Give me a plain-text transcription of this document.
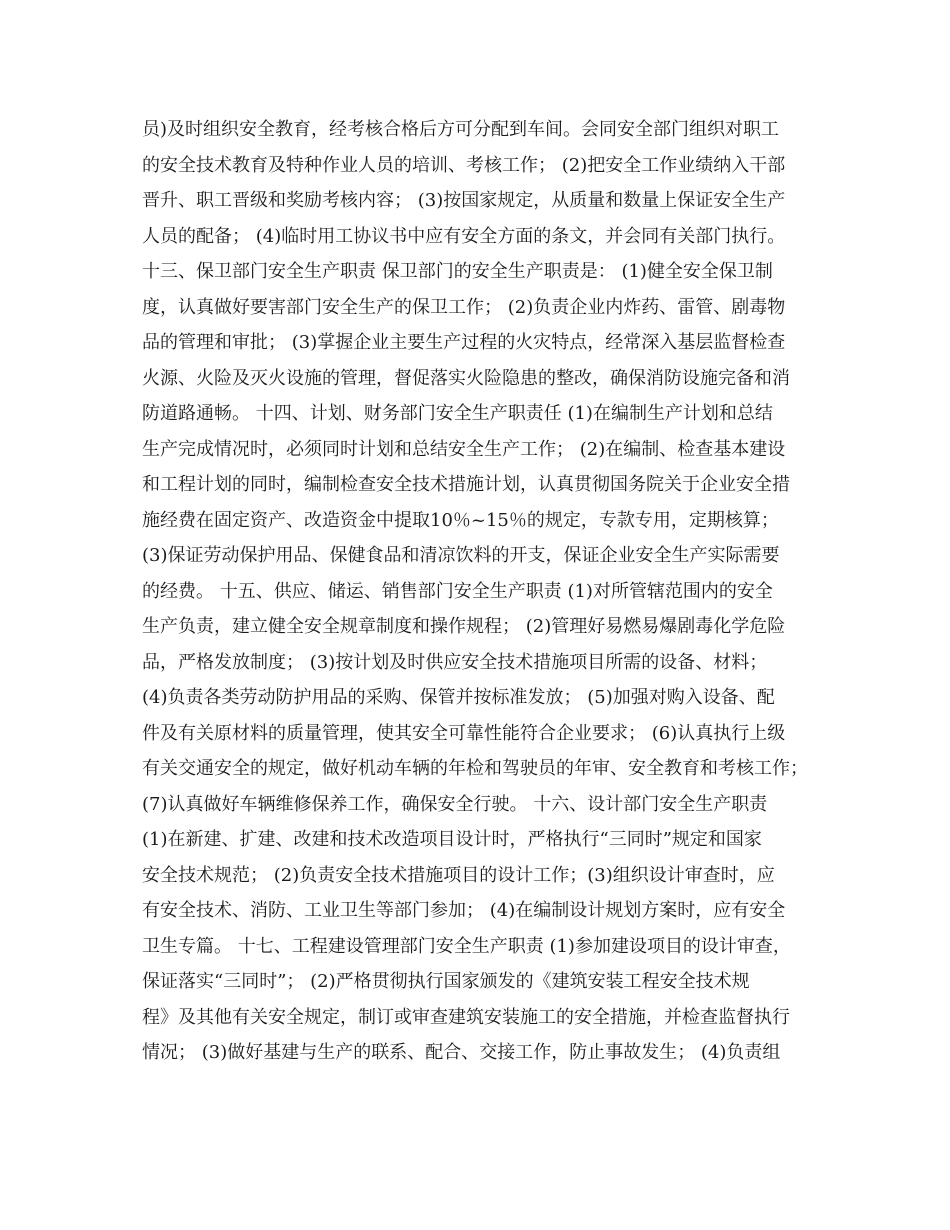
员)及时组织安全教育，经考核合格后方可分配到车间。会同安全部门组织对职工
的安全技术教育及特种作业人员的培训、考核工作； (2)把安全工作业绩纳入干部
晋升、职工晋级和奖励考核内容； (3)按国家规定，从质量和数量上保证安全生产
人员的配备； (4)临时用工协议书中应有安全方面的条文，并会同有关部门执行。
十三、保卫部门安全生产职责 保卫部门的安全生产职责是： (1)健全安全保卫制
度，认真做好要害部门安全生产的保卫工作； (2)负责企业内炸药、雷管、剧毒物
品的管理和审批； (3)掌握企业主要生产过程的火灾特点，经常深入基层监督检查
火源、火险及灭火设施的管理，督促落实火险隐患的整改，确保消防设施完备和消
防道路通畅。 十四、计划、财务部门安全生产职责任 (1)在编制生产计划和总结
生产完成情况时，必须同时计划和总结安全生产工作； (2)在编制、检查基本建设
和工程计划的同时，编制检查安全技术措施计划，认真贯彻国务院关于企业安全措
施经费在固定资产、改造资金中提取10％~15％的规定，专款专用，定期核算；
(3)保证劳动保护用品、保健食品和清凉饮料的开支，保证企业安全生产实际需要
的经费。 十五、供应、储运、销售部门安全生产职责 (1)对所管辖范围内的安全
生产负责，建立健全安全规章制度和操作规程； (2)管理好易燃易爆剧毒化学危险
品，严格发放制度； (3)按计划及时供应安全技术措施项目所需的设备、材料；
(4)负责各类劳动防护用品的采购、保管并按标准发放； (5)加强对购入设备、配
件及有关原材料的质量管理，使其安全可靠性能符合企业要求； (6)认真执行上级
有关交通安全的规定，做好机动车辆的年检和驾驶员的年审、安全教育和考核工作；
(7)认真做好车辆维修保养工作，确保安全行驶。 十六、设计部门安全生产职责
(1)在新建、扩建、改建和技术改造项目设计时，严格执行“三同时”规定和国家
安全技术规范； (2)负责安全技术措施项目的设计工作；(3)组织设计审查时，应
有安全技术、消防、工业卫生等部门参加； (4)在编制设计规划方案时，应有安全
卫生专篇。 十七、工程建设管理部门安全生产职责 (1)参加建设项目的设计审查，
保证落实“三同时”； (2)严格贯彻执行国家颁发的《建筑安装工程安全技术规
程》及其他有关安全规定，制订或审查建筑安装施工的安全措施，并检查监督执行
情况； (3)做好基建与生产的联系、配合、交接工作，防止事故发生； (4)负责组
